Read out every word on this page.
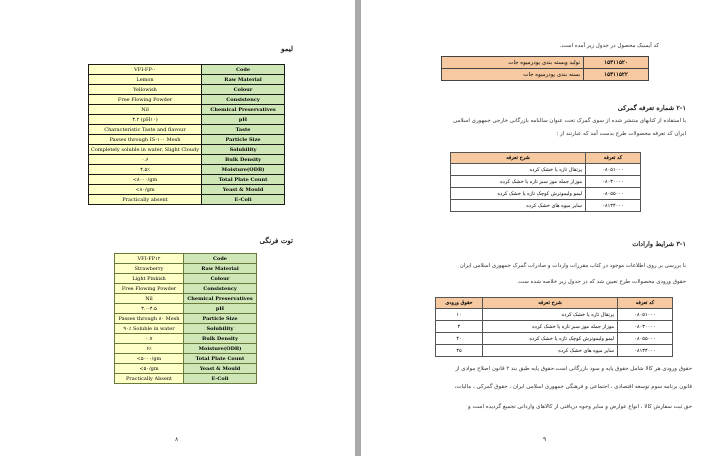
لیمو
VFI-FP-۰	Code
Lemon	Raw Material
Yellowish	Colour
Free Flowing Powder	Consistency
Nil	Chemical Preservatives
۳.۲ (pH۱۰)	pH
Characteristic Taste and flavour	Taste
Passes through IS-۱۰۰ Mesh	Particle Size
Completely soluble in water, Slight Cloudy	Solubility
۰.۶	Bulk Density
۴.۵٪	Moisture(ODB)
<۸۰۰۰/gm	Total Plate Count
<۸۰/gm	Yeast & Mould
Practically absent	E-Coli
توت فرنگی
VFI-FP۱۲	Code
Strawberry	Raw Material
Light Pinkish	Colour
Free Flowing Powder	Consistency
Nil	Chemical Preservatives
۳.۰-۴.۵	pH
Passes through ۸۰ Mesh	Particle Size
۹۰٪ Soluble in water	Solubility
۰.۷	Bulk Density
۶٪	Moisture(ODB)
<۵۰۰۰/gm	Total Plate Count
<۵۰/gm	Yeast & Mould
Practically Absent	E-Coli
۸
کد آیسیک محصول در جدول زیر آمده است.
تولید وبسته بندی پودرمیوه جات	۱۵۳۱۱۵۲۰
بسته بندی پودرمیوه جات	۱۵۳۱۱۵۲۲
۲-۱ شماره تعرفه گمرکی
با استفاده از کتابهای منتشر شده از سوی گمرک تحت عنوان سالنامه بازرگانی خارجی جمهوری اسلامی
ایران کد تعرفه محصولات طرح بدست آمد که عبارتند از :
کد تعرفه	شرح تعرفه
۰۸۰۵۱۰۰۰	پرتقال تازه یا خشک کرده
۰۸۰۳۰۰۰۰	موزاز جمله موز سبز تازه یا خشک کرده
۰۸۰۵۵۰۰۰	لیمو ولیموترش کوچک تازه یا خشک کرده
۰۸۱۳۴۰۰۰	سایر میوه های خشک کرده
۳-۱ شرایط وارادات
با بررسی بر روی اطلاعات موجود در کتاب مقررات واردات و صادرات گمرک جمهوری اسلامی ایران
حقوق ورودی محصولات طرح تعیین شد که در جدول زیر خلاصه شده ست.
کد تعرفه	شرح تعرفه	حقوق ورودی
۰۸۰۵۱۰۰۰	پرتقال تازه یا خشک کرده	۱۰
۰۸۰۳۰۰۰۰	موزاز جمله موز سبز تازه یا خشک کرده	۴
۰۸۰۵۵۰۰۰	لیمو ولیموترش کوچک تازه یا خشک کرده	۴۰
۰۸۱۳۴۰۰۰	سایر میوه های خشک کرده	۴۵
حقوق ورودی هر کالا شامل حقوق پایه و سود بازرگانی است.حقوق پایه طبق بند ۲ قانون اصلاح موادی از
قانون برنامه سوم توسعه اقتصادی ، اجتماعی و فرهنگی جمهوری اسلامی ایران ، حقوق گمرکی ، مالیات،
حق ثبت سفارش کالا ، انواع عوارض و سایر وجوه دریافتی از کالاهای وارداتی تجمیع گردیده است و
۹
